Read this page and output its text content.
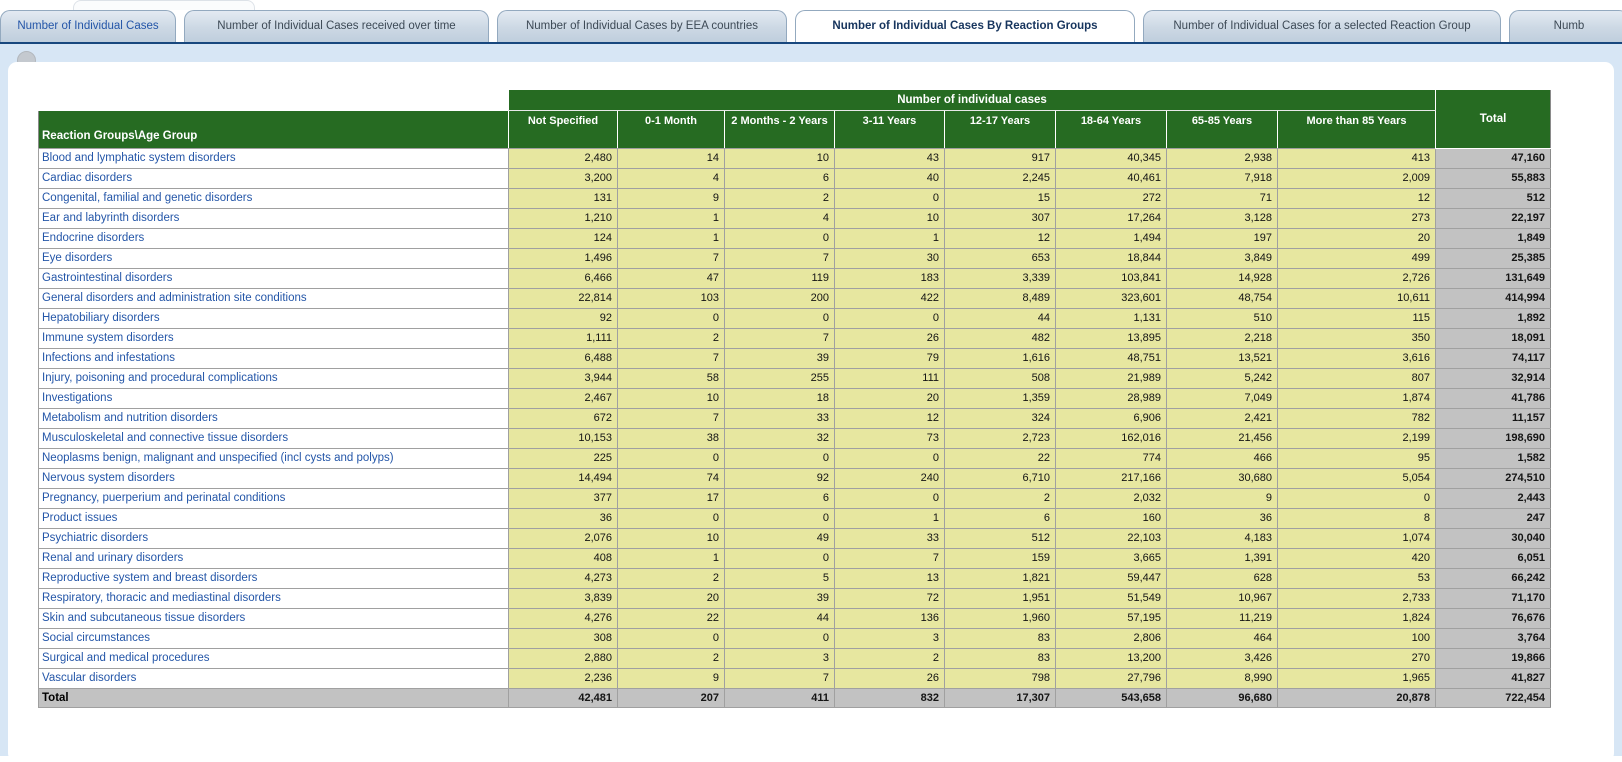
Number of Individual Cases	Number of Individual Cases received over time	Number of Individual Cases by EEA countries	Number of Individual Cases By Reaction Groups	Number of Individual Cases for a selected Reaction Group	Numb
	Number of individual cases								Total
Reaction Groups\Age Group	Not Specified	0-1 Month	2 Months - 2 Years	3-11 Years	12-17 Years	18-64 Years	65-85 Years	More than 85 Years	
Blood and lymphatic system disorders	2,480	14	10	43	917	40,345	2,938	413	47,160
Cardiac disorders	3,200	4	6	40	2,245	40,461	7,918	2,009	55,883
Congenital, familial and genetic disorders	131	9	2	0	15	272	71	12	512
Ear and labyrinth disorders	1,210	1	4	10	307	17,264	3,128	273	22,197
Endocrine disorders	124	1	0	1	12	1,494	197	20	1,849
Eye disorders	1,496	7	7	30	653	18,844	3,849	499	25,385
Gastrointestinal disorders	6,466	47	119	183	3,339	103,841	14,928	2,726	131,649
General disorders and administration site conditions	22,814	103	200	422	8,489	323,601	48,754	10,611	414,994
Hepatobiliary disorders	92	0	0	0	44	1,131	510	115	1,892
Immune system disorders	1,111	2	7	26	482	13,895	2,218	350	18,091
Infections and infestations	6,488	7	39	79	1,616	48,751	13,521	3,616	74,117
Injury, poisoning and procedural complications	3,944	58	255	111	508	21,989	5,242	807	32,914
Investigations	2,467	10	18	20	1,359	28,989	7,049	1,874	41,786
Metabolism and nutrition disorders	672	7	33	12	324	6,906	2,421	782	11,157
Musculoskeletal and connective tissue disorders	10,153	38	32	73	2,723	162,016	21,456	2,199	198,690
Neoplasms benign, malignant and unspecified (incl cysts and polyps)	225	0	0	0	22	774	466	95	1,582
Nervous system disorders	14,494	74	92	240	6,710	217,166	30,680	5,054	274,510
Pregnancy, puerperium and perinatal conditions	377	17	6	0	2	2,032	9	0	2,443
Product issues	36	0	0	1	6	160	36	8	247
Psychiatric disorders	2,076	10	49	33	512	22,103	4,183	1,074	30,040
Renal and urinary disorders	408	1	0	7	159	3,665	1,391	420	6,051
Reproductive system and breast disorders	4,273	2	5	13	1,821	59,447	628	53	66,242
Respiratory, thoracic and mediastinal disorders	3,839	20	39	72	1,951	51,549	10,967	2,733	71,170
Skin and subcutaneous tissue disorders	4,276	22	44	136	1,960	57,195	11,219	1,824	76,676
Social circumstances	308	0	0	3	83	2,806	464	100	3,764
Surgical and medical procedures	2,880	2	3	2	83	13,200	3,426	270	19,866
Vascular disorders	2,236	9	7	26	798	27,796	8,990	1,965	41,827
Total	42,481	207	411	832	17,307	543,658	96,680	20,878	722,454
